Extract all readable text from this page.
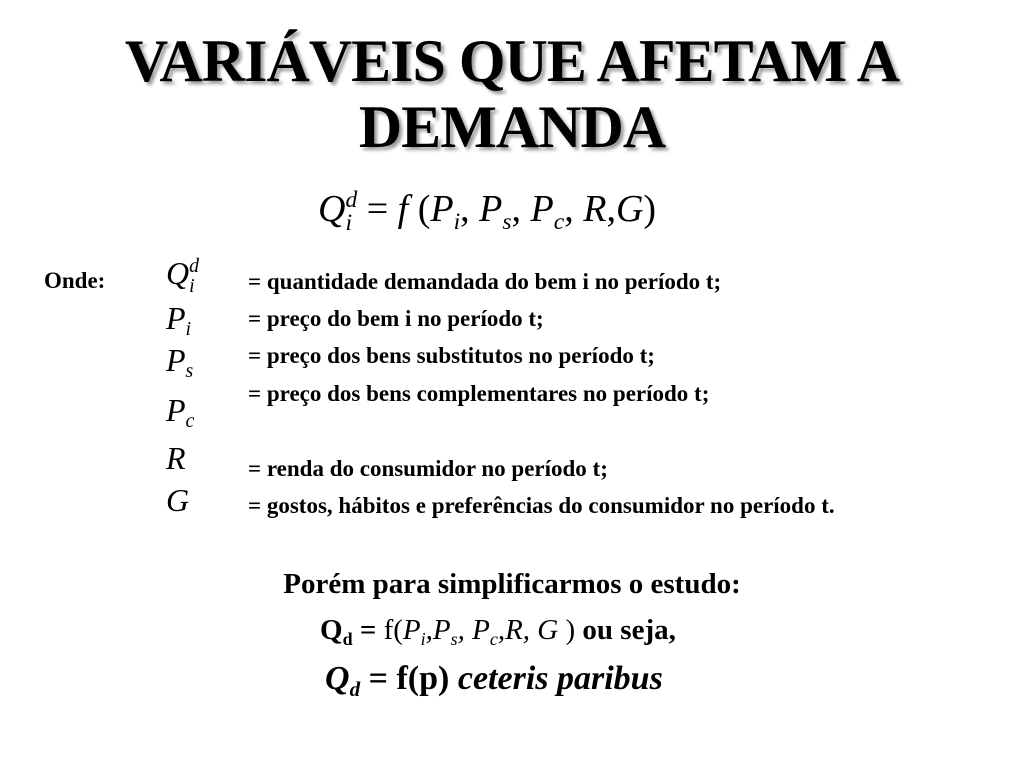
VARIÁVEIS QUE AFETAM A
DEMANDA
Q d
i = f ($P_i$, $P_s$, $P_c$, R,G)
Onde: Q d
i
$P_i$
$P_s$
$P_c$
R
G
= quantidade demandada do bem i no período t;
= preço do bem i no período t;
= preço dos bens substitutos no período t;
= preço dos bens complementares no período t;
= renda do consumidor no período t;
= gostos, hábitos e preferências do consumidor no período t.
Porém para simplificarmos o estudo:
$Q_d = f(P_i,P_s$, $P_c,R$, G ) ou seja,
$Q_d = f(p)$ ceteris paribus
